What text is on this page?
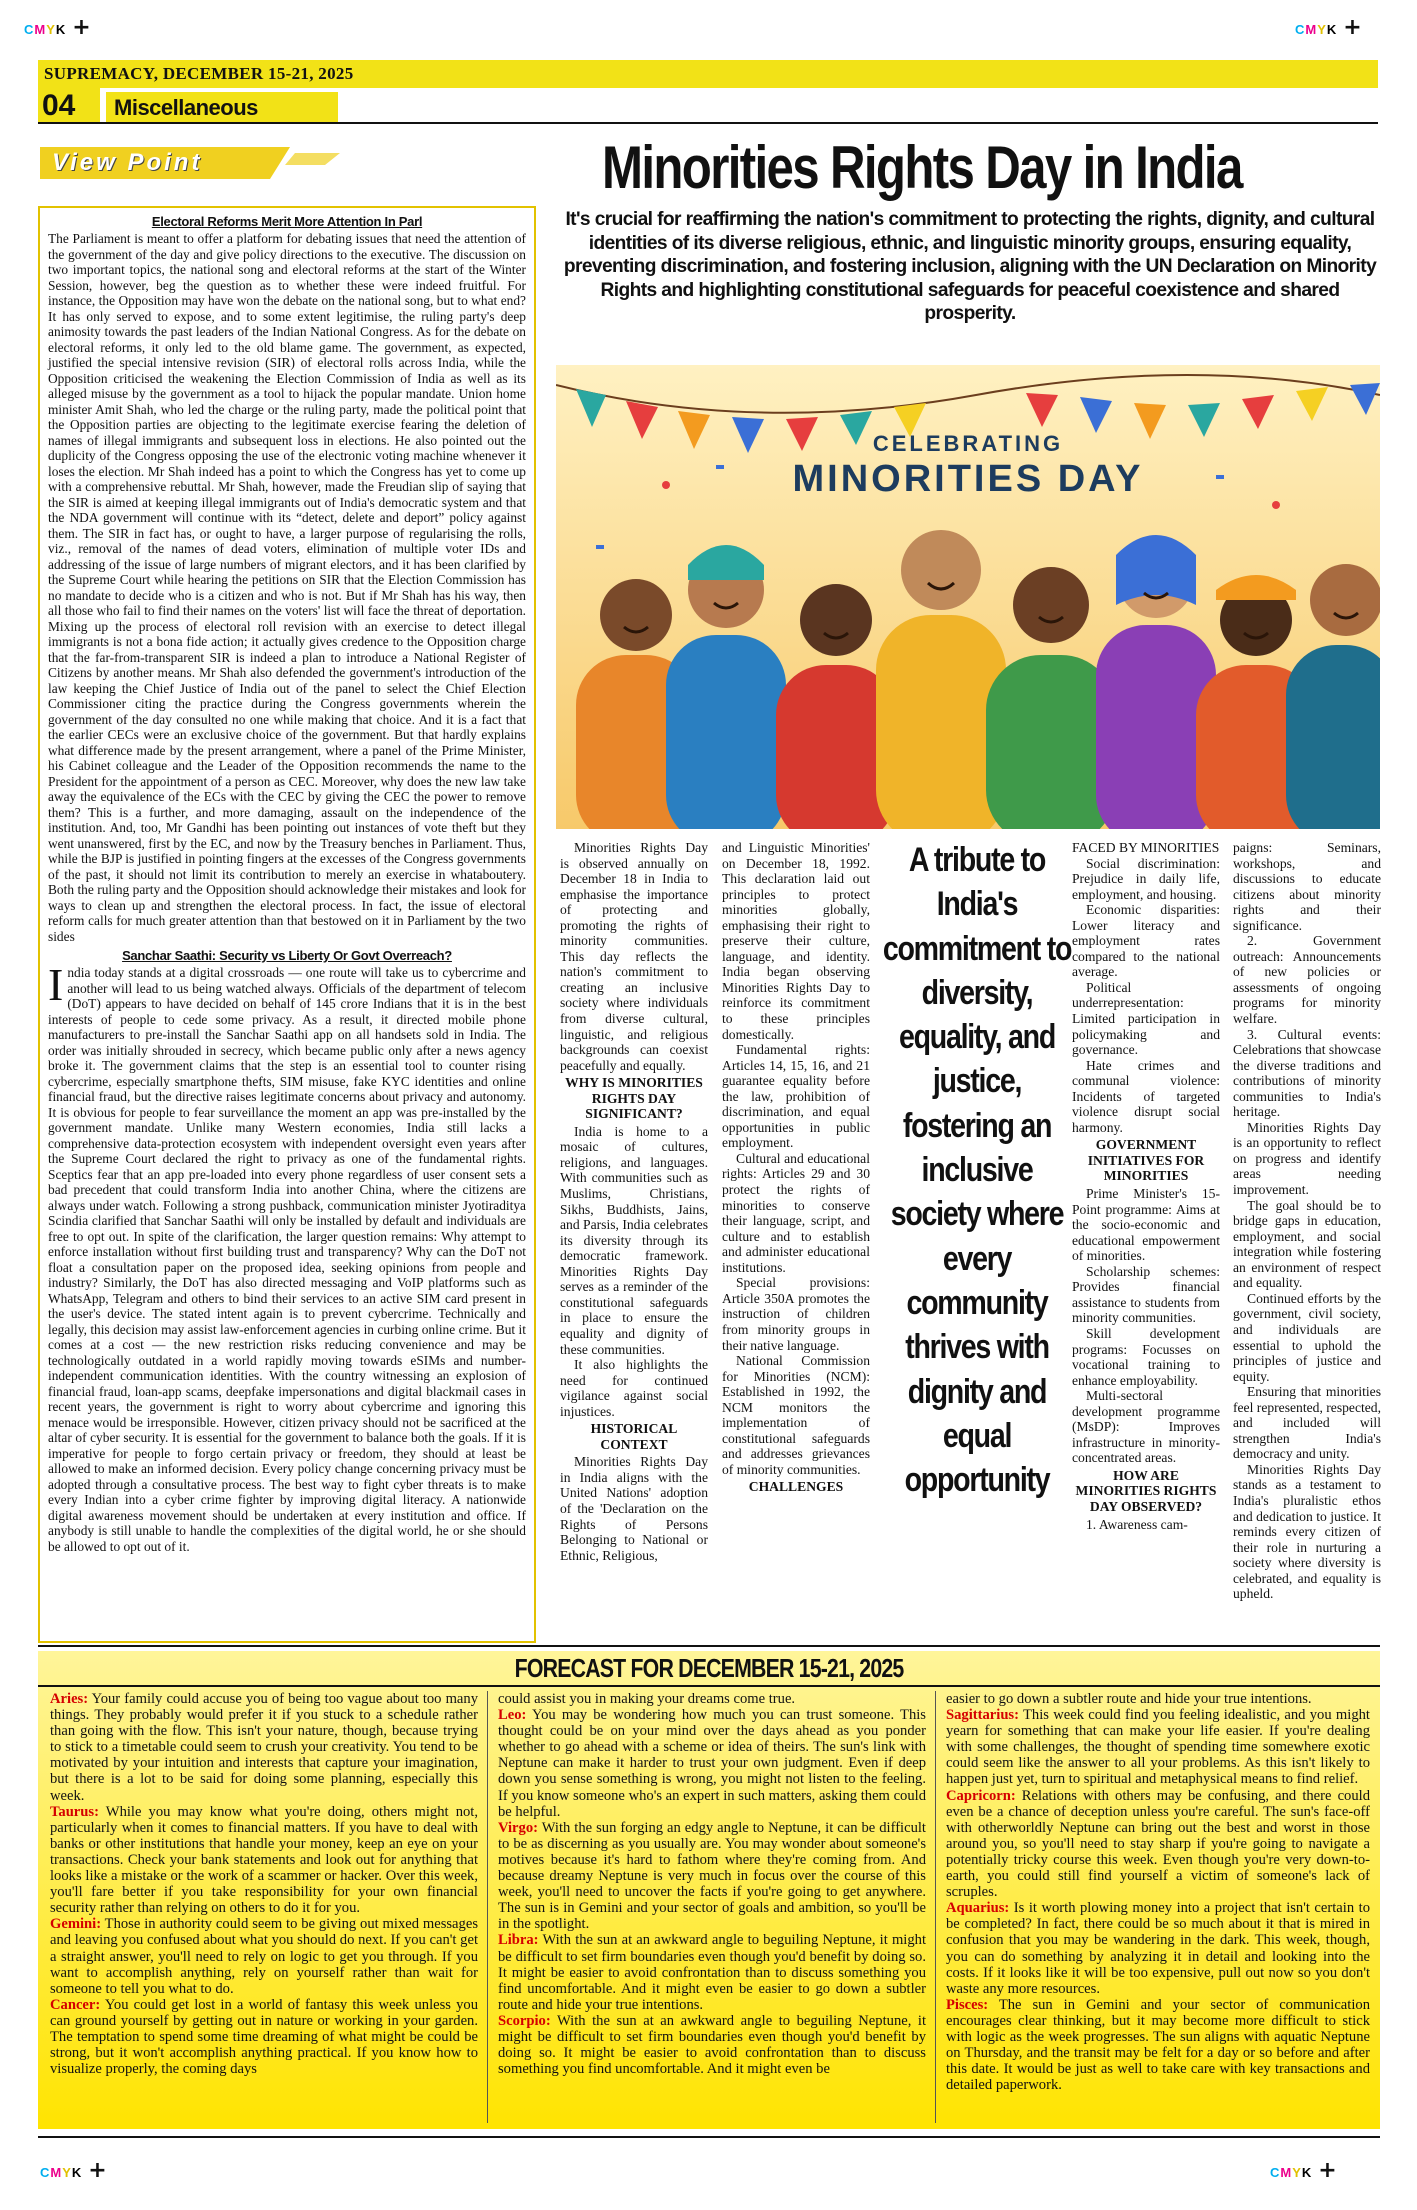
CMYK +	CMYK +
CMYK +	CMYK +
SUPREMACY, DECEMBER 15-21, 2025
04 Miscellaneous
View Point
Electoral Reforms Merit More Attention In Parl
The Parliament is meant to offer a platform for debating issues that need the attention of the government of the day and give policy directions to the executive. The discussion on two important topics, the national song and electoral reforms at the start of the Winter Session, however, beg the question as to whether these were indeed fruitful. For instance, the Opposition may have won the debate on the national song, but to what end? It has only served to expose, and to some extent legitimise, the ruling party's deep animosity towards the past leaders of the Indian National Congress. As for the debate on electoral reforms, it only led to the old blame game. The government, as expected, justified the special intensive revision (SIR) of electoral rolls across India, while the Opposition criticised the weakening the Election Commission of India as well as its alleged misuse by the government as a tool to hijack the popular mandate. Union home minister Amit Shah, who led the charge or the ruling party, made the political point that the Opposition parties are objecting to the legitimate exercise fearing the deletion of names of illegal immigrants and subsequent loss in elections. He also pointed out the duplicity of the Congress opposing the use of the electronic voting machine whenever it loses the election. Mr Shah indeed has a point to which the Congress has yet to come up with a comprehensive rebuttal. Mr Shah, however, made the Freudian slip of saying that the SIR is aimed at keeping illegal immigrants out of India's democratic system and that the NDA government will continue with its “detect, delete and deport” policy against them. The SIR in fact has, or ought to have, a larger purpose of regularising the rolls, viz., removal of the names of dead voters, elimination of multiple voter IDs and addressing of the issue of large numbers of migrant electors, and it has been clarified by the Supreme Court while hearing the petitions on SIR that the Election Commission has no mandate to decide who is a citizen and who is not. But if Mr Shah has his way, then all those who fail to find their names on the voters' list will face the threat of deportation. Mixing up the process of electoral roll revision with an exercise to detect illegal immigrants is not a bona fide action; it actually gives credence to the Opposition charge that the far-from-transparent SIR is indeed a plan to introduce a National Register of Citizens by another means. Mr Shah also defended the government's introduction of the law keeping the Chief Justice of India out of the panel to select the Chief Election Commissioner citing the practice during the Congress governments wherein the government of the day consulted no one while making that choice. And it is a fact that the earlier CECs were an exclusive choice of the government. But that hardly explains what difference made by the present arrangement, where a panel of the Prime Minister, his Cabinet colleague and the Leader of the Opposition recommends the name to the President for the appointment of a person as CEC. Moreover, why does the new law take away the equivalence of the ECs with the CEC by giving the CEC the power to remove them? This is a further, and more damaging, assault on the independence of the institution. And, too, Mr Gandhi has been pointing out instances of vote theft but they went unanswered, first by the EC, and now by the Treasury benches in Parliament. Thus, while the BJP is justified in pointing fingers at the excesses of the Congress governments of the past, it should not limit its contribution to merely an exercise in whataboutery. Both the ruling party and the Opposition should acknowledge their mistakes and look for ways to clean up and strengthen the electoral process. In fact, the issue of electoral reform calls for much greater attention than that bestowed on it in Parliament by the two sides
Sanchar Saathi: Security vs Liberty Or Govt Overreach?
India today stands at a digital crossroads — one route will take us to cybercrime and another will lead to us being watched always. Officials of the department of telecom (DoT) appears to have decided on behalf of 145 crore Indians that it is in the best interests of people to cede some privacy. As a result, it directed mobile phone manufacturers to pre-install the Sanchar Saathi app on all handsets sold in India. The order was initially shrouded in secrecy, which became public only after a news agency broke it. The government claims that the step is an essential tool to counter rising cybercrime, especially smartphone thefts, SIM misuse, fake KYC identities and online financial fraud, but the directive raises legitimate concerns about privacy and autonomy. It is obvious for people to fear surveillance the moment an app was pre-installed by the government mandate. Unlike many Western economies, India still lacks a comprehensive data-protection ecosystem with independent oversight even years after the Supreme Court declared the right to privacy as one of the fundamental rights. Sceptics fear that an app pre-loaded into every phone regardless of user consent sets a bad precedent that could transform India into another China, where the citizens are always under watch. Following a strong pushback, communication minister Jyotiraditya Scindia clarified that Sanchar Saathi will only be installed by default and individuals are free to opt out. In spite of the clarification, the larger question remains: Why attempt to enforce installation without first building trust and transparency? Why can the DoT not float a consultation paper on the proposed idea, seeking opinions from people and industry? Similarly, the DoT has also directed messaging and VoIP platforms such as WhatsApp, Telegram and others to bind their services to an active SIM card present in the user's device. The stated intent again is to prevent cybercrime. Technically and legally, this decision may assist law-enforcement agencies in curbing online crime. But it comes at a cost — the new restriction risks reducing convenience and may be technologically outdated in a world rapidly moving towards eSIMs and number-independent communication identities. With the country witnessing an explosion of financial fraud, loan-app scams, deepfake impersonations and digital blackmail cases in recent years, the government is right to worry about cybercrime and ignoring this menace would be irresponsible. However, citizen privacy should not be sacrificed at the altar of cyber security. It is essential for the government to balance both the goals. If it is imperative for people to forgo certain privacy or freedom, they should at least be allowed to make an informed decision. Every policy change concerning privacy must be adopted through a consultative process. The best way to fight cyber threats is to make every Indian into a cyber crime fighter by improving digital literacy. A nationwide digital awareness movement should be undertaken at every institution and office. If anybody is still unable to handle the complexities of the digital world, he or she should be allowed to opt out of it.
Minorities Rights Day in India
It's crucial for reaffirming the nation's commitment to protecting the rights, dignity, and cultural identities of its diverse religious, ethnic, and linguistic minority groups, ensuring equality, preventing discrimination, and fostering inclusion, aligning with the UN Declaration on Minority Rights and highlighting constitutional safeguards for peaceful coexistence and shared prosperity.
CELEBRATING
MINORITIES DAY

Minorities Rights Day is observed annually on December 18 in India to emphasise the importance of protecting and promoting the rights of minority communities. This day reflects the nation's commitment to creating an inclusive society where individuals from diverse cultural, linguistic, and religious backgrounds can coexist peacefully and equally.

WHY IS MINORITIES RIGHTS DAY SIGNIFICANT?

India is home to a mosaic of cultures, religions, and languages. With communities such as Muslims, Christians, Sikhs, Buddhists, Jains, and Parsis, India celebrates its diversity through its democratic framework. Minorities Rights Day serves as a reminder of the constitutional safeguards in place to ensure the equality and dignity of these communities.

It also highlights the need for continued vigilance against social injustices.

HISTORICAL CONTEXT

Minorities Rights Day in India aligns with the United Nations' adoption of the 'Declaration on the Rights of Persons Belonging to National or Ethnic, Religious,

and Linguistic Minorities' on December 18, 1992. This declaration laid out principles to protect minorities globally, emphasising their right to preserve their culture, language, and identity. India began observing Minorities Rights Day to reinforce its commitment to these principles domestically.

Fundamental rights: Articles 14, 15, 16, and 21 guarantee equality before the law, prohibition of discrimination, and equal opportunities in public employment.

Cultural and educational rights: Articles 29 and 30 protect the rights of minorities to conserve their language, script, and culture and to establish and administer educational institutions.

Special provisions: Article 350A promotes the instruction of children from minority groups in their native language.

National Commission for Minorities (NCM): Established in 1992, the NCM monitors the implementation of constitutional safeguards and addresses grievances of minority communities.

CHALLENGES

A tribute to India's commitment to diversity, equality, and justice, fostering an inclusive society where every community thrives with dignity and equal opportunity

FACED BY MINORITIES

Social discrimination: Prejudice in daily life, employment, and housing.

Economic disparities: Lower literacy and employment rates compared to the national average.

Political underrepresentation: Limited participation in policymaking and governance.

Hate crimes and communal violence: Incidents of targeted violence disrupt social harmony.

GOVERNMENT INITIATIVES FOR MINORITIES

Prime Minister's 15-Point programme: Aims at the socio-economic and educational empowerment of minorities.

Scholarship schemes: Provides financial assistance to students from minority communities.

Skill development programs: Focusses on vocational training to enhance employability.

Multi-sectoral development programme (MsDP): Improves infrastructure in minority-concentrated areas.

HOW ARE MINORITIES RIGHTS DAY OBSERVED?

1. Awareness cam-

paigns: Seminars, workshops, and discussions to educate citizens about minority rights and their significance.

2. Government outreach: Announcements of new policies or assessments of ongoing programs for minority welfare.

3. Cultural events: Celebrations that showcase the diverse traditions and contributions of minority communities to India's heritage.

Minorities Rights Day is an opportunity to reflect on progress and identify areas needing improvement.

The goal should be to bridge gaps in education, employment, and social integration while fostering an environment of respect and equality.

Continued efforts by the government, civil society, and individuals are essential to uphold the principles of justice and equity.

Ensuring that minorities feel represented, respected, and included will strengthen India's democracy and unity.

Minorities Rights Day stands as a testament to India's pluralistic ethos and dedication to justice. It reminds every citizen of their role in nurturing a society where diversity is celebrated, and equality is upheld.

FORECAST FOR DECEMBER 15-21, 2025

Aries: Your family could accuse you of being too vague about too many things. They probably would prefer it if you stuck to a schedule rather than going with the flow. This isn't your nature, though, because trying to stick to a timetable could seem to crush your creativity. You tend to be motivated by your intuition and interests that capture your imagination, but there is a lot to be said for doing some planning, especially this week.

Taurus: While you may know what you're doing, others might not, particularly when it comes to financial matters. If you have to deal with banks or other institutions that handle your money, keep an eye on your transactions. Check your bank statements and look out for anything that looks like a mistake or the work of a scammer or hacker. Over this week, you'll fare better if you take responsibility for your own financial security rather than relying on others to do it for you.

Gemini: Those in authority could seem to be giving out mixed messages and leaving you confused about what you should do next. If you can't get a straight answer, you'll need to rely on logic to get you through. If you want to accomplish anything, rely on yourself rather than wait for someone to tell you what to do.

Cancer: You could get lost in a world of fantasy this week unless you can ground yourself by getting out in nature or working in your garden. The temptation to spend some time dreaming of what might be could be strong, but it won't accomplish anything practical. If you know how to visualize properly, the coming days

could assist you in making your dreams come true.

Leo: You may be wondering how much you can trust someone. This thought could be on your mind over the days ahead as you ponder whether to go ahead with a scheme or idea of theirs. The sun's link with Neptune can make it harder to trust your own judgment. Even if deep down you sense something is wrong, you might not listen to the feeling. If you know someone who's an expert in such matters, asking them could be helpful.

Virgo: With the sun forging an edgy angle to Neptune, it can be difficult to be as discerning as you usually are. You may wonder about someone's motives because it's hard to fathom where they're coming from. And because dreamy Neptune is very much in focus over the course of this week, you'll need to uncover the facts if you're going to get anywhere. The sun is in Gemini and your sector of goals and ambition, so you'll be in the spotlight.

Libra: With the sun at an awkward angle to beguiling Neptune, it might be difficult to set firm boundaries even though you'd benefit by doing so. It might be easier to avoid confrontation than to discuss something you find uncomfortable. And it might even be easier to go down a subtler route and hide your true intentions.

Scorpio: With the sun at an awkward angle to beguiling Neptune, it might be difficult to set firm boundaries even though you'd benefit by doing so. It might be easier to avoid confrontation than to discuss something you find uncomfortable. And it might even be

easier to go down a subtler route and hide your true intentions.

Sagittarius: This week could find you feeling idealistic, and you might yearn for something that can make your life easier. If you're dealing with some challenges, the thought of spending time somewhere exotic could seem like the answer to all your problems. As this isn't likely to happen just yet, turn to spiritual and metaphysical means to find relief.

Capricorn: Relations with others may be confusing, and there could even be a chance of deception unless you're careful. The sun's face-off with otherworldly Neptune can bring out the best and worst in those around you, so you'll need to stay sharp if you're going to navigate a potentially tricky course this week. Even though you're very down-to-earth, you could still find yourself a victim of someone's lack of scruples.

Aquarius: Is it worth plowing money into a project that isn't certain to be completed? In fact, there could be so much about it that is mired in confusion that you may be wandering in the dark. This week, though, you can do something by analyzing it in detail and looking into the costs. If it looks like it will be too expensive, pull out now so you don't waste any more resources.

Pisces: The sun in Gemini and your sector of communication encourages clear thinking, but it may become more difficult to stick with logic as the week progresses. The sun aligns with aquatic Neptune on Thursday, and the transit may be felt for a day or so before and after this date. It would be just as well to take care with key transactions and detailed paperwork.
